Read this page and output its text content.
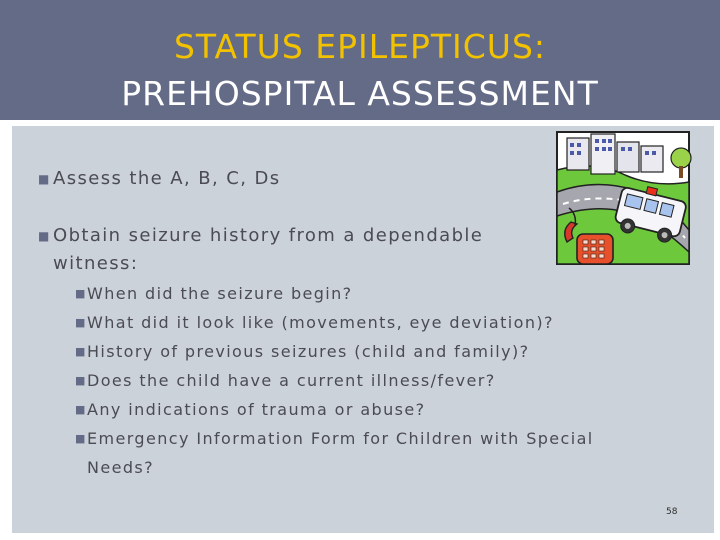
STATUS EPILEPTICUS:
PREHOSPITAL ASSESSMENT
■ Assess the A, B, C, Ds
■ Obtain seizure history from a dependable
witness:
■ When did the seizure begin?
■ What did it look like (movements, eye deviation)?
■ History of previous seizures (child and family)?
■ Does the child have a current illness/fever?
■ Any indications of trauma or abuse?
■ Emergency Information Form for Children with Special
Needs?
58
